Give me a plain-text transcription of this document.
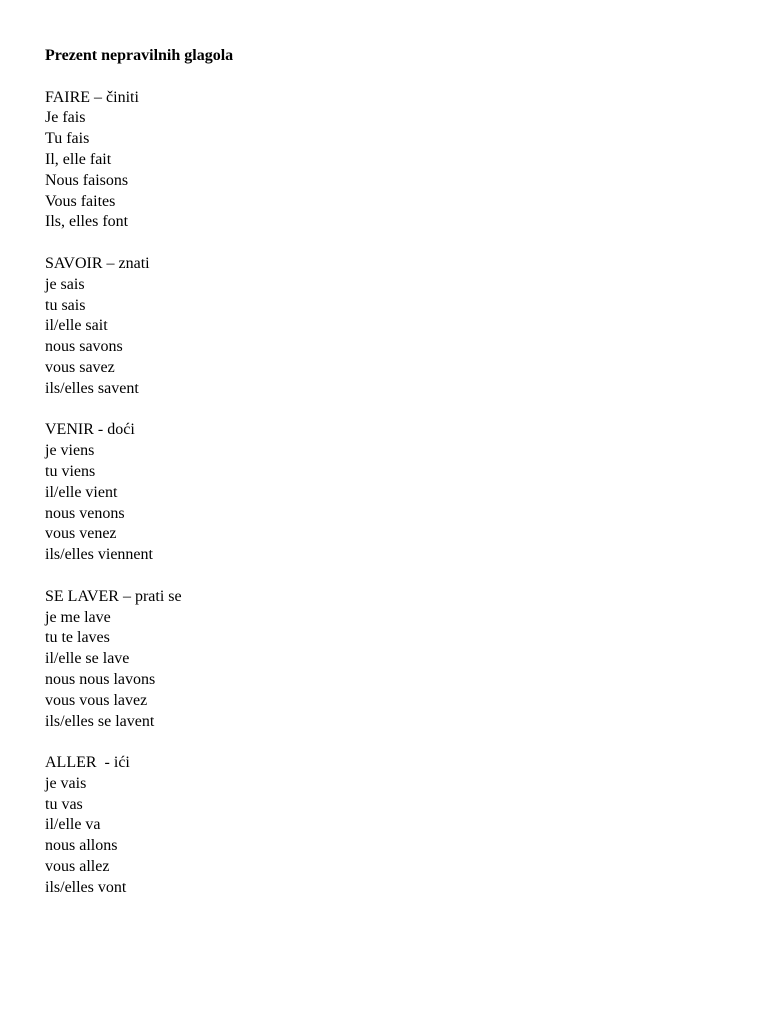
Prezent nepravilnih glagola
FAIRE – činiti
Je fais
Tu fais
Il, elle fait
Nous faisons
Vous faites
Ils, elles font
SAVOIR – znati
je sais
tu sais
il/elle sait
nous savons
vous savez
ils/elles savent
VENIR - doći
je viens
tu viens
il/elle vient
nous venons
vous venez
ils/elles viennent
SE LAVER – prati se
je me lave
tu te laves
il/elle se lave
nous nous lavons
vous vous lavez
ils/elles se lavent
ALLER  - ići
je vais
tu vas
il/elle va
nous allons
vous allez
ils/elles vont
